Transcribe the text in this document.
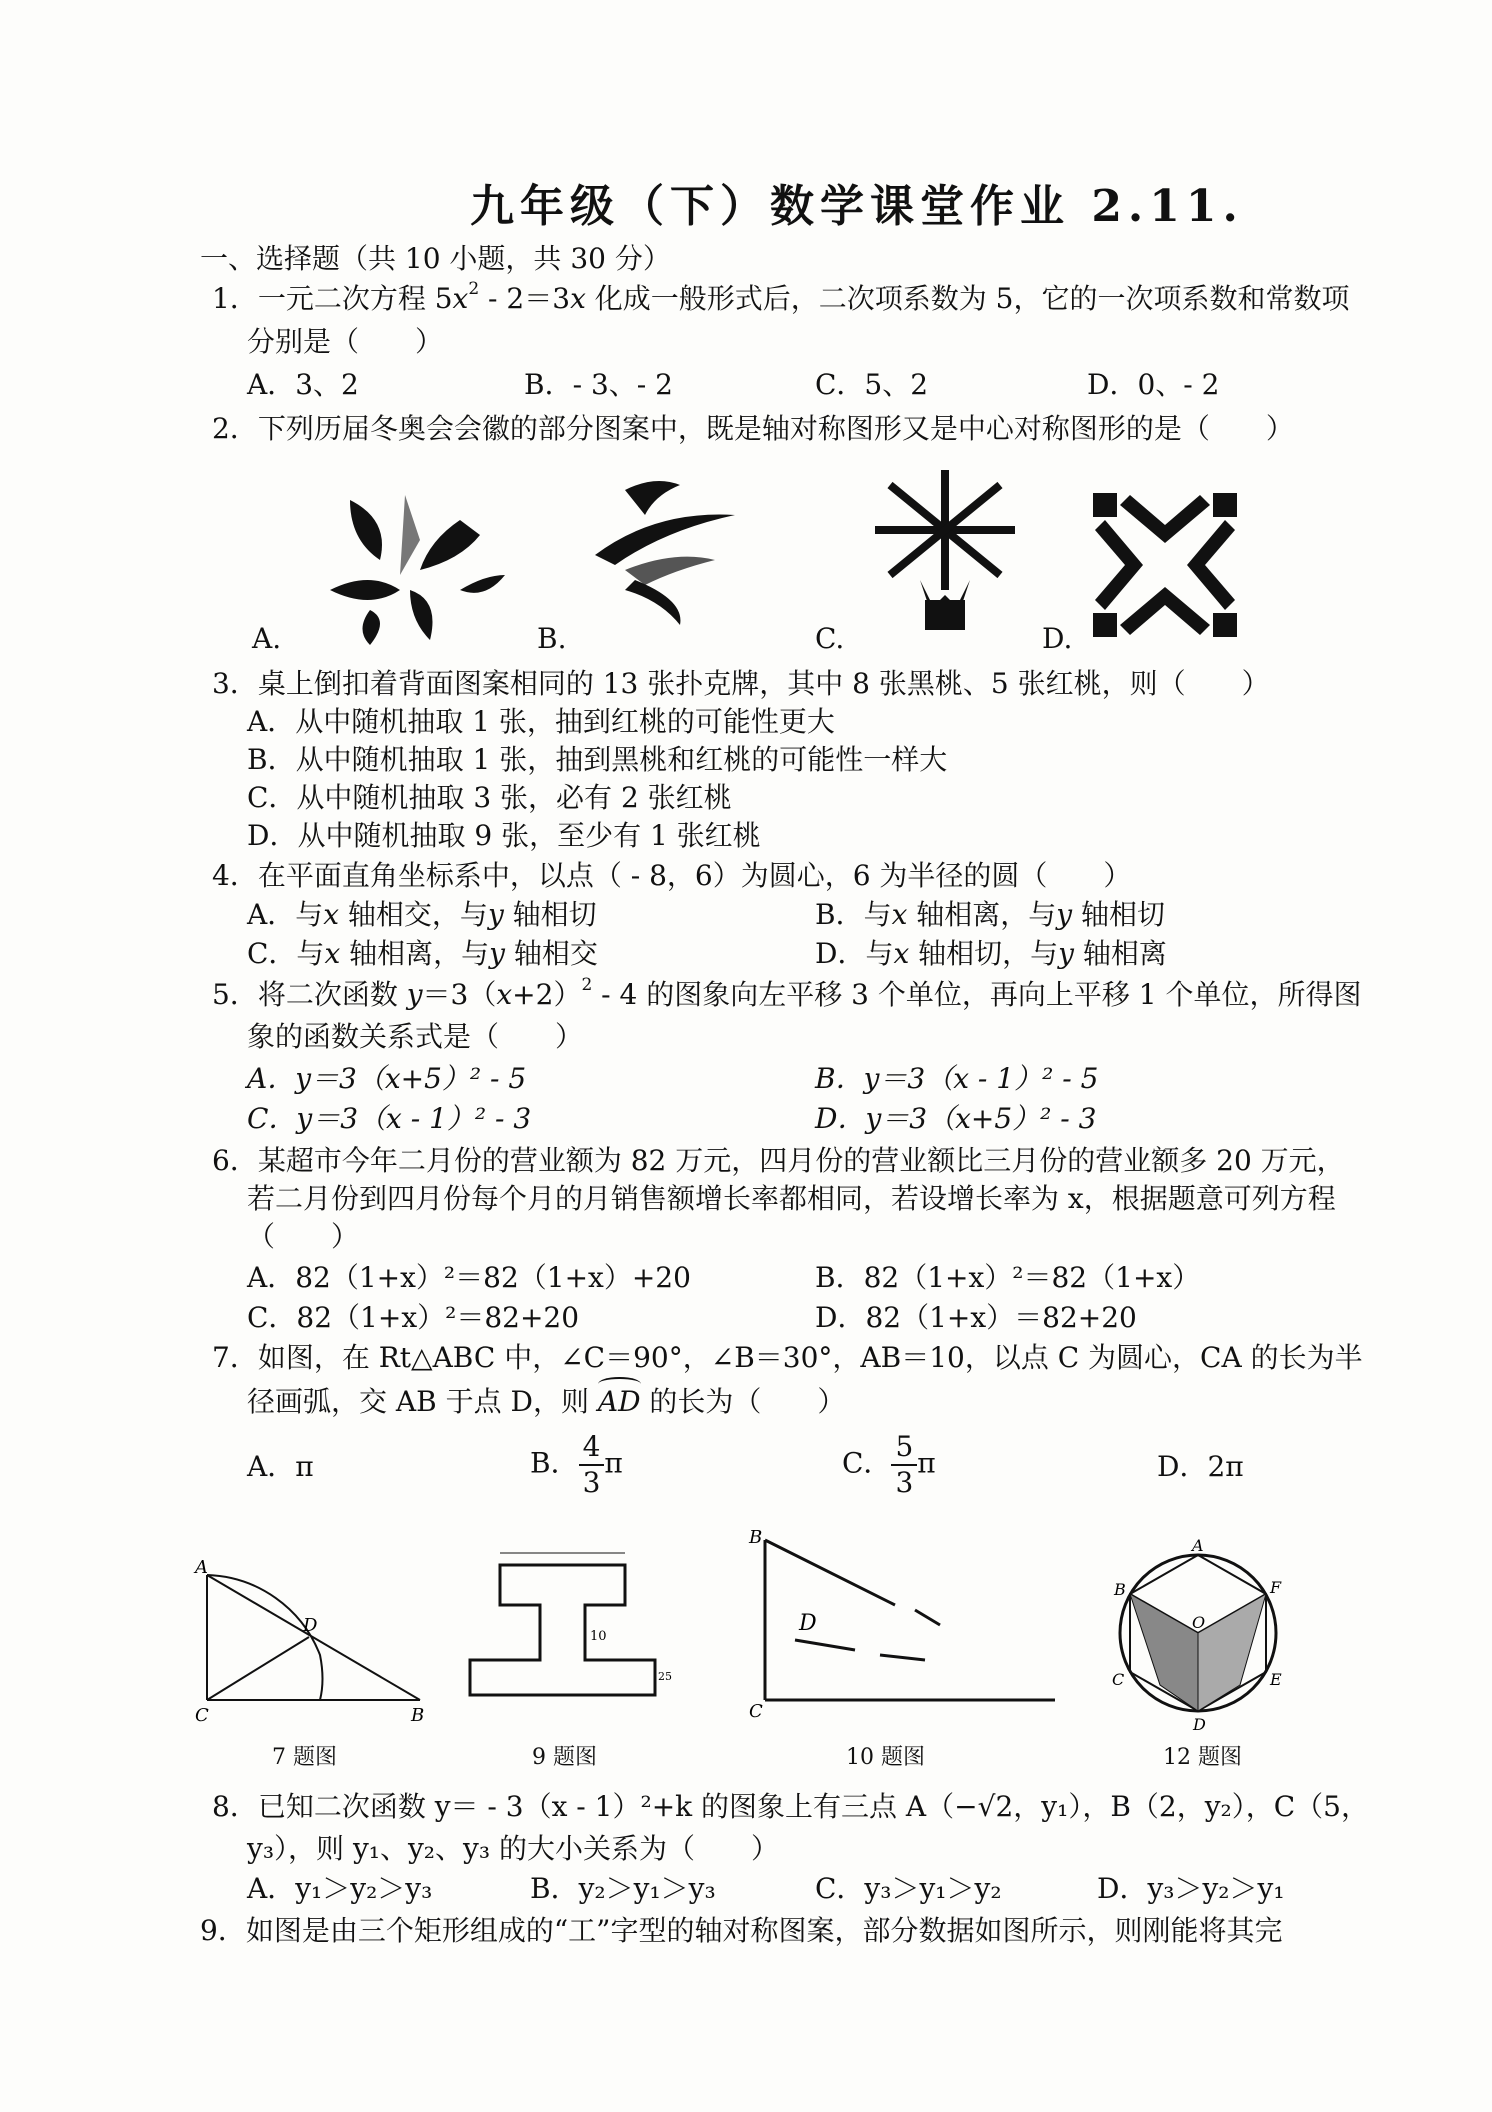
九年级（下）数学课堂作业 2.11.
一、选择题（共 10 小题，共 30 分）
1．一元二次方程 $5x^2 - 2=3x$ 化成一般形式后，二次项系数为 5，它的一次项系数和常数项
分别是（　　）
A．3、2	B．- 3、- 2	C．5、2	D．0、- 2
2．下列历届冬奥会会徽的部分图案中，既是轴对称图形又是中心对称图形的是（　　）
A.	B.	C.	D.
3．桌上倒扣着背面图案相同的 13 张扑克牌，其中 8 张黑桃、5 张红桃，则（　　）
A．从中随机抽取 1 张，抽到红桃的可能性更大
B．从中随机抽取 1 张，抽到黑桃和红桃的可能性一样大
C．从中随机抽取 3 张，必有 2 张红桃
D．从中随机抽取 9 张，至少有 1 张红桃
4．在平面直角坐标系中，以点（ - 8，6）为圆心，6 为半径的圆（　　）
A．与x 轴相交，与y 轴相切	B．与x 轴相离，与y 轴相切
C．与x 轴相离，与y 轴相交	D．与x 轴相切，与y 轴相离
5．将二次函数 $y=3(x+2)^2 - 4$ 的图象向左平移 3 个单位，再向上平移 1 个单位，所得图
象的函数关系式是（　　）
A．y＝3（x+5）² - 5	B．y＝3（x - 1）² - 5
C．y＝3（x - 1）² - 3	D．y＝3（x+5）² - 3
6．某超市今年二月份的营业额为 82 万元，四月份的营业额比三月份的营业额多 20 万元，
若二月份到四月份每个月的月销售额增长率都相同，若设增长率为 x，根据题意可列方程
（　　）
A．82（1+x）²＝82（1+x）+20	B．82（1+x）²＝82（1+x）
C．82（1+x）²＝82+20	D．82（1+x）＝82+20
7．如图，在 Rt△ABC 中，∠C＝90°，∠B＝30°，AB＝10，以点 C 为圆心，CA 的长为半
径画弧，交 AB 于点 D，则 AD 的长为（　　）
A．π	B． $\frac{4}{3}$ π	C． $\frac{5}{3}$ π	D．2π
A
D
C	B
7 题图
10
25
9 题图
B
D
C
10 题图
A
B	F
O
C	E
D
12 题图
8．已知二次函数 y＝ - 3（x - 1）²+k 的图象上有三点 A（−√2，y₁），B（2，y₂），C（5，
y₃），则 y₁、y₂、y₃ 的大小关系为（　　）
A．y₁＞y₂＞y₃	B．y₂＞y₁＞y₃	C．y₃＞y₁＞y₂	D．y₃＞y₂＞y₁
9．如图是由三个矩形组成的“工”字型的轴对称图案，部分数据如图所示，则刚能将其完
